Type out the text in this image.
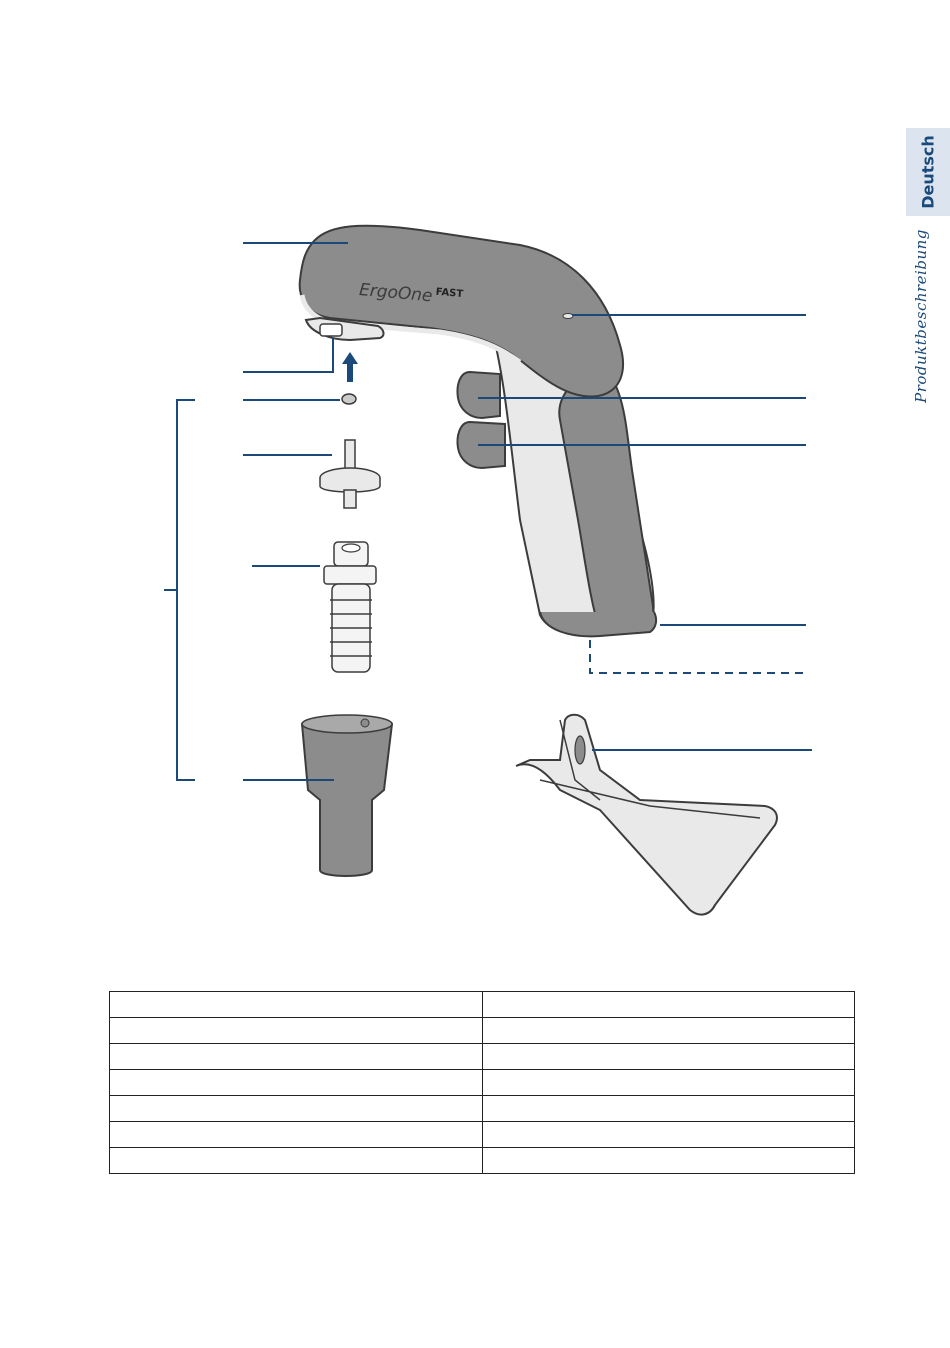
Deutsch
Produktbeschreibung
ErgoOne $^{FAST}$
